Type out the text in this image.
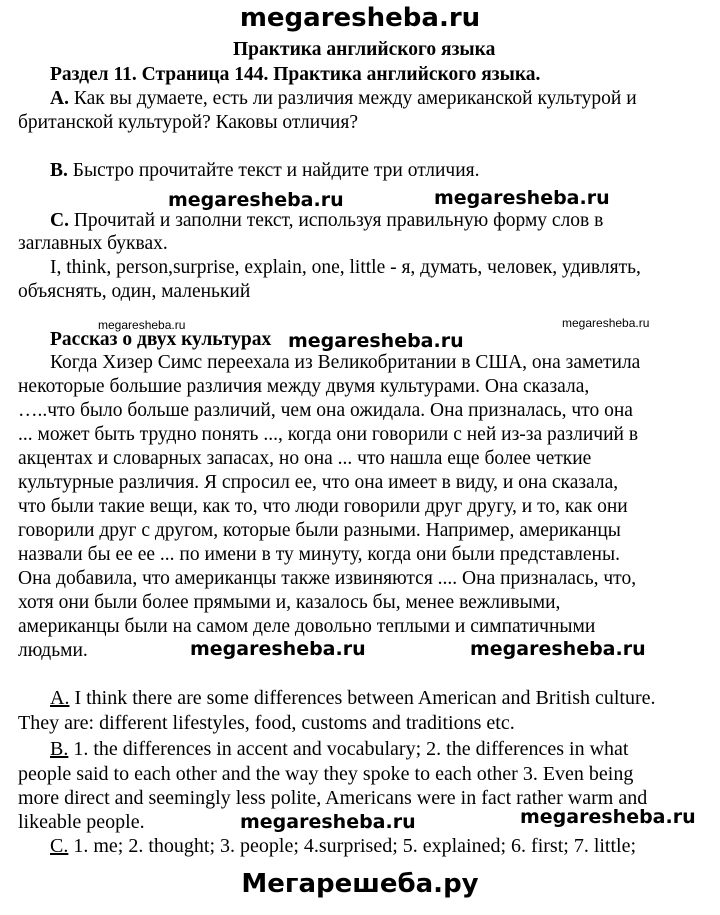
megaresheba.ru
Практика английского языка
Раздел 11. Страница 144. Практика английского языка.
A. Как вы думаете, есть ли различия между американской культурой и
британской культурой? Каковы отличия?
B. Быстро прочитайте текст и найдите три отличия.
megaresheba.ru	megaresheba.ru
C. Прочитай и заполни текст, используя правильную форму слов в
заглавных буквах.
I, think, person,surprise, explain, one, little - я, думать, человек, удивлять,
объяснять, один, маленький
megaresheba.ru	megaresheba.ru
Рассказ о двух культурах megaresheba.ru
Когда Хизер Симс переехала из Великобритании в США, она заметила
некоторые большие различия между двумя культурами. Она сказала,
…..что было больше различий, чем она ожидала. Она призналась, что она
... может быть трудно понять ..., когда они говорили с ней из-за различий в
акцентах и словарных запасах, но она ... что нашла еще более четкие
культурные различия. Я спросил ее, что она имеет в виду, и она сказала,
что были такие вещи, как то, что люди говорили друг другу, и то, как они
говорили друг с другом, которые были разными. Например, американцы
назвали бы ее ее ... по имени в ту минуту, когда они были представлены.
Она добавила, что американцы также извиняются .... Она призналась, что,
хотя они были более прямыми и, казалось бы, менее вежливыми,
американцы были на самом деле довольно теплыми и симпатичными
людьми.	megaresheba.ru	megaresheba.ru
A. I think there are some differences between American and British culture.
They are: different lifestyles, food, customs and traditions etc.
B. 1. the differences in accent and vocabulary; 2. the differences in what
people said to each other and the way they spoke to each other 3. Even being
more direct and seemingly less polite, Americans were in fact rather warm and
likeable people.	megaresheba.ru	megaresheba.ru
C. 1. me; 2. thought; 3. people; 4.surprised; 5. explained; 6. first; 7. little;
Мегарешеба.ру
